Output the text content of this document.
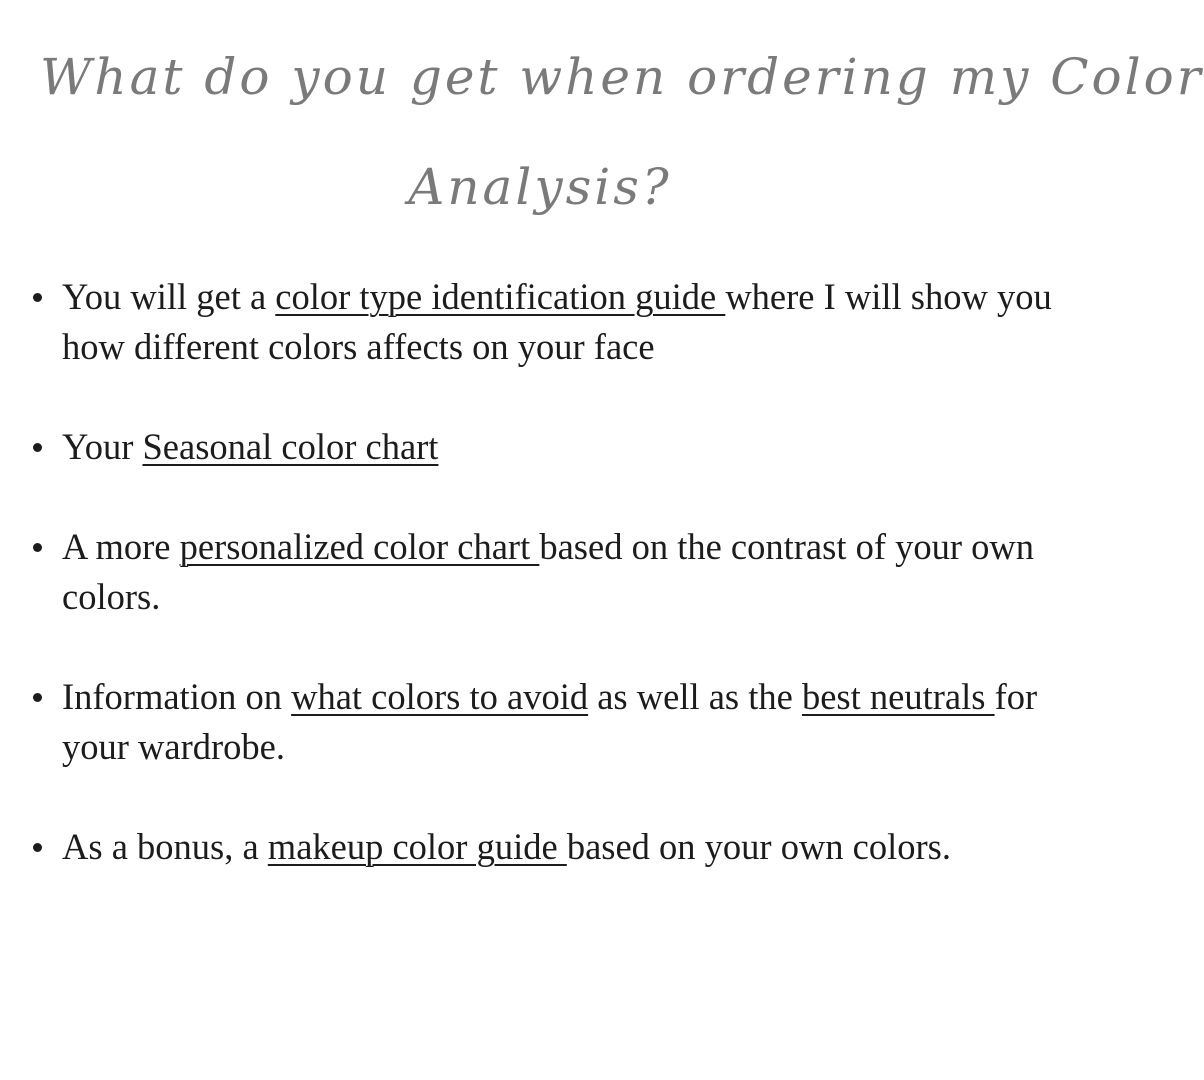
What do you get when ordering my Color
Analysis?
You will get a color type identification guide where I will show you how different colors affects on your face
Your Seasonal color chart
A more personalized color chart based on the contrast of your own colors.
Information on what colors to avoid as well as the best neutrals for your wardrobe.
As a bonus, a makeup color guide based on your own colors.
